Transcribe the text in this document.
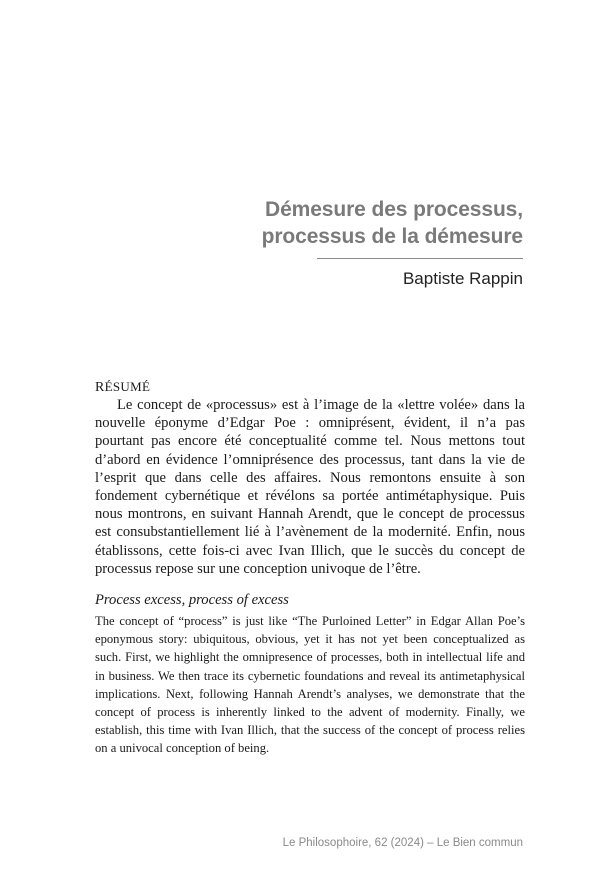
Démesure des processus,
processus de la démesure
Baptiste Rappin
RÉSUMÉ

Le concept de «processus» est à l’image de la «lettre volée» dans la nouvelle éponyme d’Edgar Poe : omniprésent, évident, il n’a pas pourtant pas encore été conceptualité comme tel. Nous mettons tout d’abord en évidence l’omniprésence des processus, tant dans la vie de l’esprit que dans celle des affaires. Nous remontons ensuite à son fondement cybernétique et révélons sa portée antimétaphysique. Puis nous montrons, en suivant Hannah Arendt, que le concept de processus est consubstantiellement lié à l’avènement de la modernité. Enfin, nous établissons, cette fois-ci avec Ivan Illich, que le succès du concept de processus repose sur une conception univoque de l’être.

Process excess, process of excess

The concept of “process” is just like “The Purloined Letter” in Edgar Allan Poe’s eponymous story: ubiquitous, obvious, yet it has not yet been conceptualized as such. First, we highlight the omnipresence of processes, both in intellectual life and in business. We then trace its cybernetic foundations and reveal its antimetaphysical implications. Next, following Hannah Arendt’s analyses, we demonstrate that the concept of process is inherently linked to the advent of modernity. Finally, we establish, this time with Ivan Illich, that the success of the concept of process relies on a univocal conception of being.

Le Philosophoire, 62 (2024) – Le Bien commun
